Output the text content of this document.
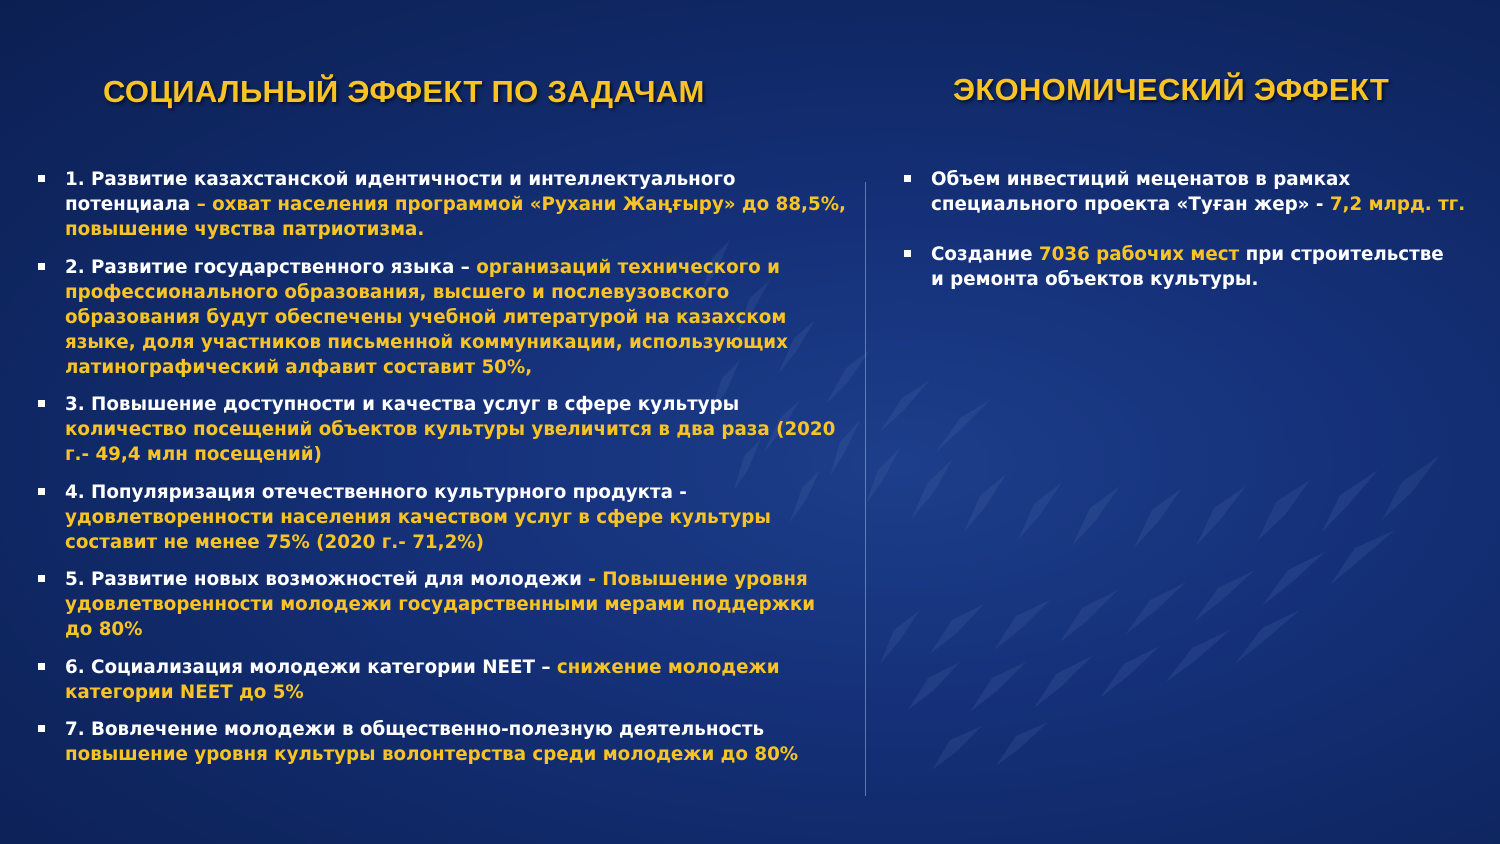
СОЦИАЛЬНЫЙ ЭФФЕКТ ПО ЗАДАЧАМ	ЭКОНОМИЧЕСКИЙ ЭФФЕКТ
1. Развитие казахстанской идентичности и интеллектуального
потенциала – охват населения программой «Рухани Жаңғыру» до 88,5%,
повышение чувства патриотизма.
2. Развитие государственного языка – организаций технического и
профессионального образования, высшего и послевузовского
образования будут обеспечены учебной литературой на казахском
языке, доля участников письменной коммуникации, использующих
латинографический алфавит составит 50%,
3. Повышение доступности и качества услуг в сфере культуры
количество посещений объектов культуры увеличится в два раза (2020
г.- 49,4 млн посещений)
4. Популяризация отечественного культурного продукта -
удовлетворенности населения качеством услуг в сфере культуры
составит не менее 75% (2020 г.- 71,2%)
5. Развитие новых возможностей для молодежи - Повышение уровня
удовлетворенности молодежи государственными мерами поддержки
до 80%
6. Социализация молодежи категории NEET – снижение молодежи
категории NEET до 5%
7. Вовлечение молодежи в общественно-полезную деятельность
повышение уровня культуры волонтерства среди молодежи до 80%
Объем инвестиций меценатов в рамках
специального проекта «Туған жер» - 7,2 млрд. тг.
Создание 7036 рабочих мест при строительстве
и ремонта объектов культуры.
